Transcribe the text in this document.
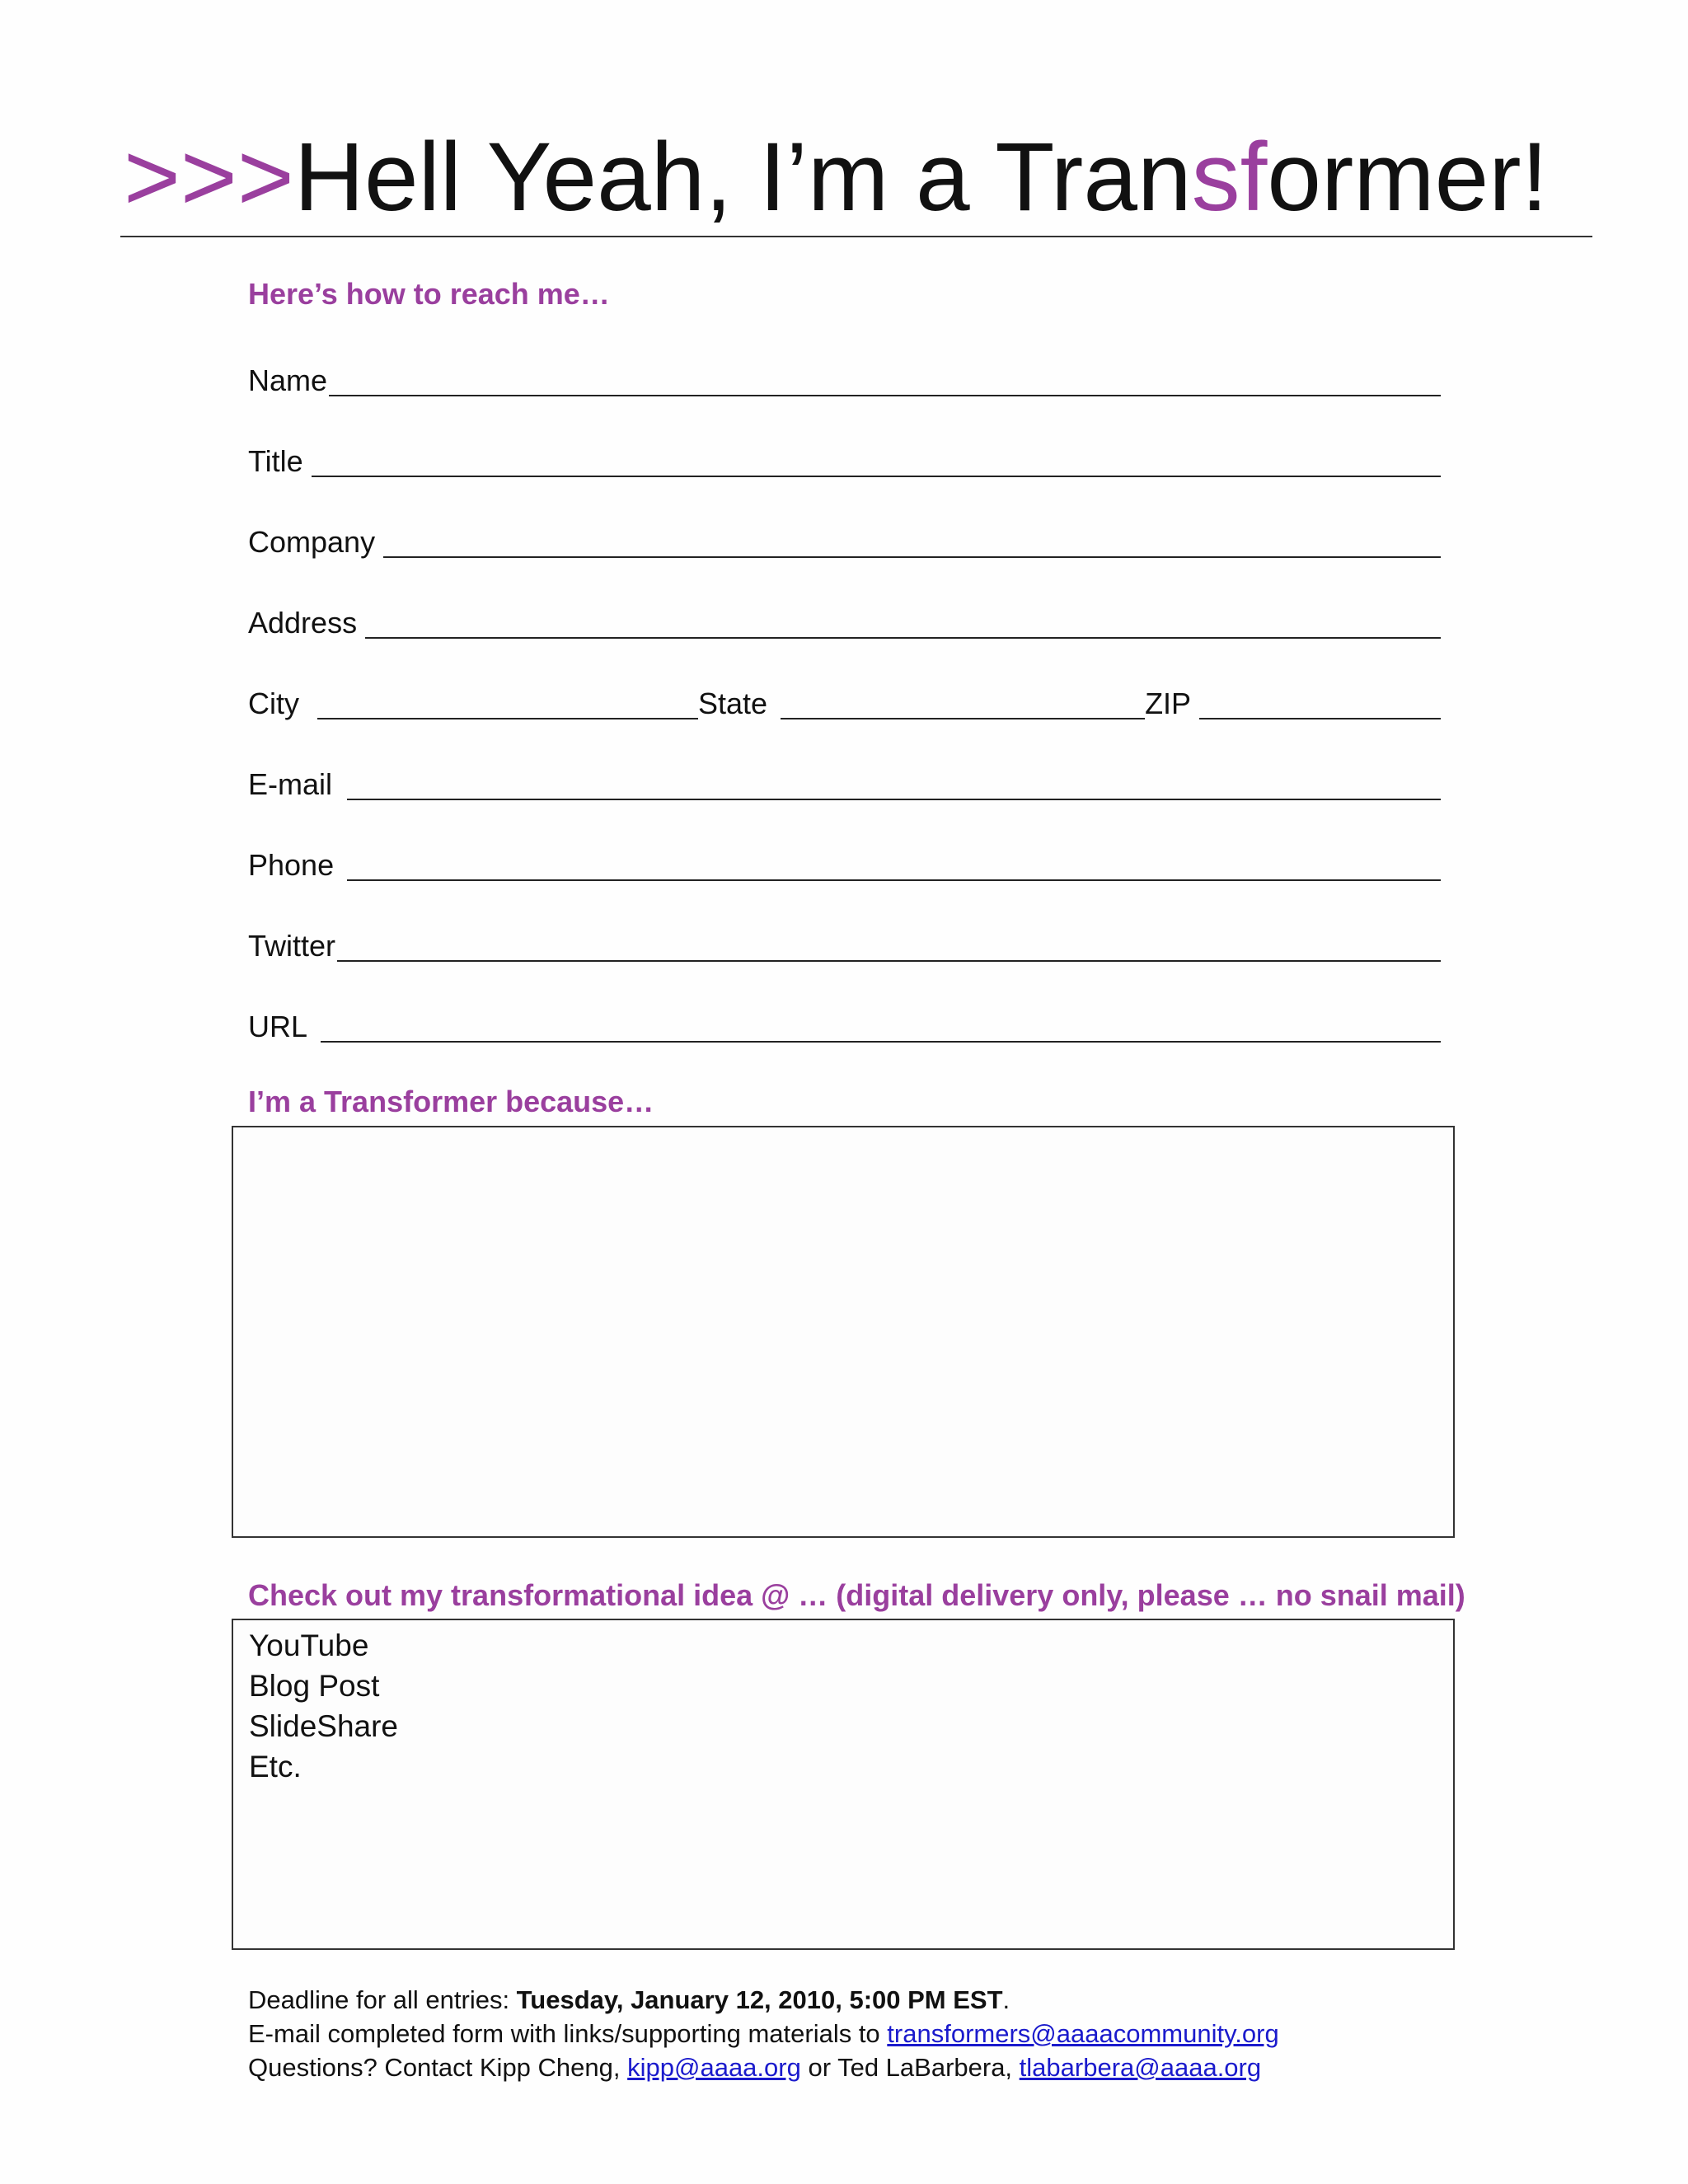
>>>Hell Yeah, I’m a Transformer!
Here’s how to reach me…
Name
Title
Company
Address
City	State	ZIP
E-mail
Phone
Twitter
URL
I’m a Transformer because…
Check out my transformational idea @ … (digital delivery only, please … no snail mail)
YouTube
Blog Post
SlideShare
Etc.
Deadline for all entries: Tuesday, January 12, 2010, 5:00 PM EST.
E-mail completed form with links/supporting materials to transformers@aaaacommunity.org
Questions? Contact Kipp Cheng, kipp@aaaa.org or Ted LaBarbera, tlabarbera@aaaa.org
